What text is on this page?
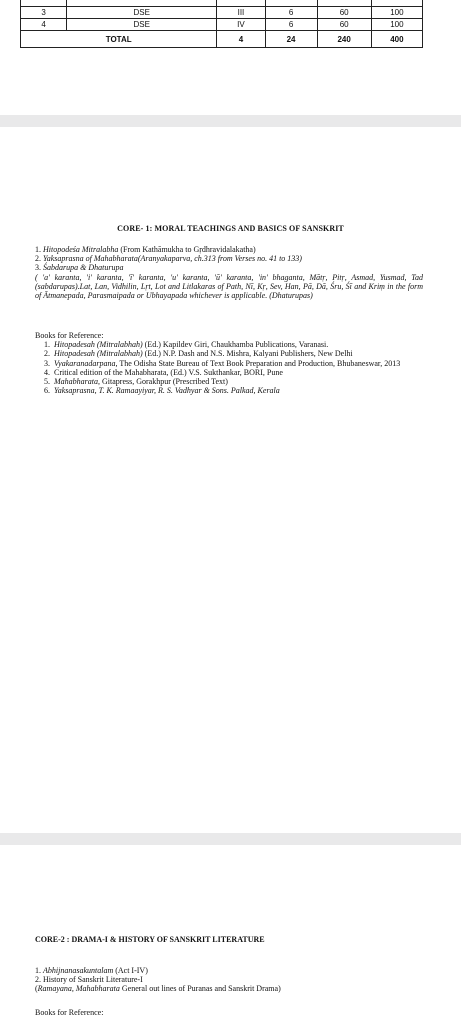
3	DSE	III	6	60	100
4	DSE	IV	6	60	100
TOTAL		4	24	240	400
CORE- 1: MORAL TEACHINGS AND BASICS OF SANSKRIT
1. Hitopodeśa Mitralabha (From Kathāmukha to Gṛdhravidalakatha)
2. Yaksaprasna of Mahabharata(Aranyakaparva, ch.313 from Verses no. 41 to 133)
3. Śabdarupa & Dhaturupa
( 'a' karanta, 'i' karanta, 'ī' karanta, 'u' karanta, 'ū' karanta, 'in' bhaganta, Mātṛ, Pitṛ, Asmad, Yusmad, Tad (sabdarupas).Lat, Lan, Vidhilin, Lṛt, Lot and Litlakaras of Path, Nī, Kṛ, Sev, Han, Pā, Dā, Śru, Śī and Kriṃ in the form of Ātmanepada, Parasmaipada or Ubhayapada whichever is applicable. (Dhaturupas)
Books for Reference:
1. Hitopadesah (Mitralabhah) (Ed.) Kapildev Giri, Chaukhamba Publications, Varanasi.
2. Hitopadesah (Mitralabhah) (Ed.) N.P. Dash and N.S. Mishra, Kalyani Publishers, New Delhi
3. Vyakaranadarpana, The Odisha State Bureau of Text Book Preparation and Production, Bhubaneswar, 2013
4. Critical edition of the Mahabharata, (Ed.) V.S. Sukthankar, BORI, Pune
5. Mahabharata, Gitapress, Gorakhpur (Prescribed Text)
6. Yaksaprasna, T. K. Ramaayiyar, R. S. Vadhyar & Sons. Palkad, Kerala
CORE-2 : DRAMA-I & HISTORY OF SANSKRIT LITERATURE
1. Abhijnanasakuntalam (Act I-IV)
2. History of Sanskrit Literature-I
(Ramayana, Mahabharata General out lines of Puranas and Sanskrit Drama)
Books for Reference:
